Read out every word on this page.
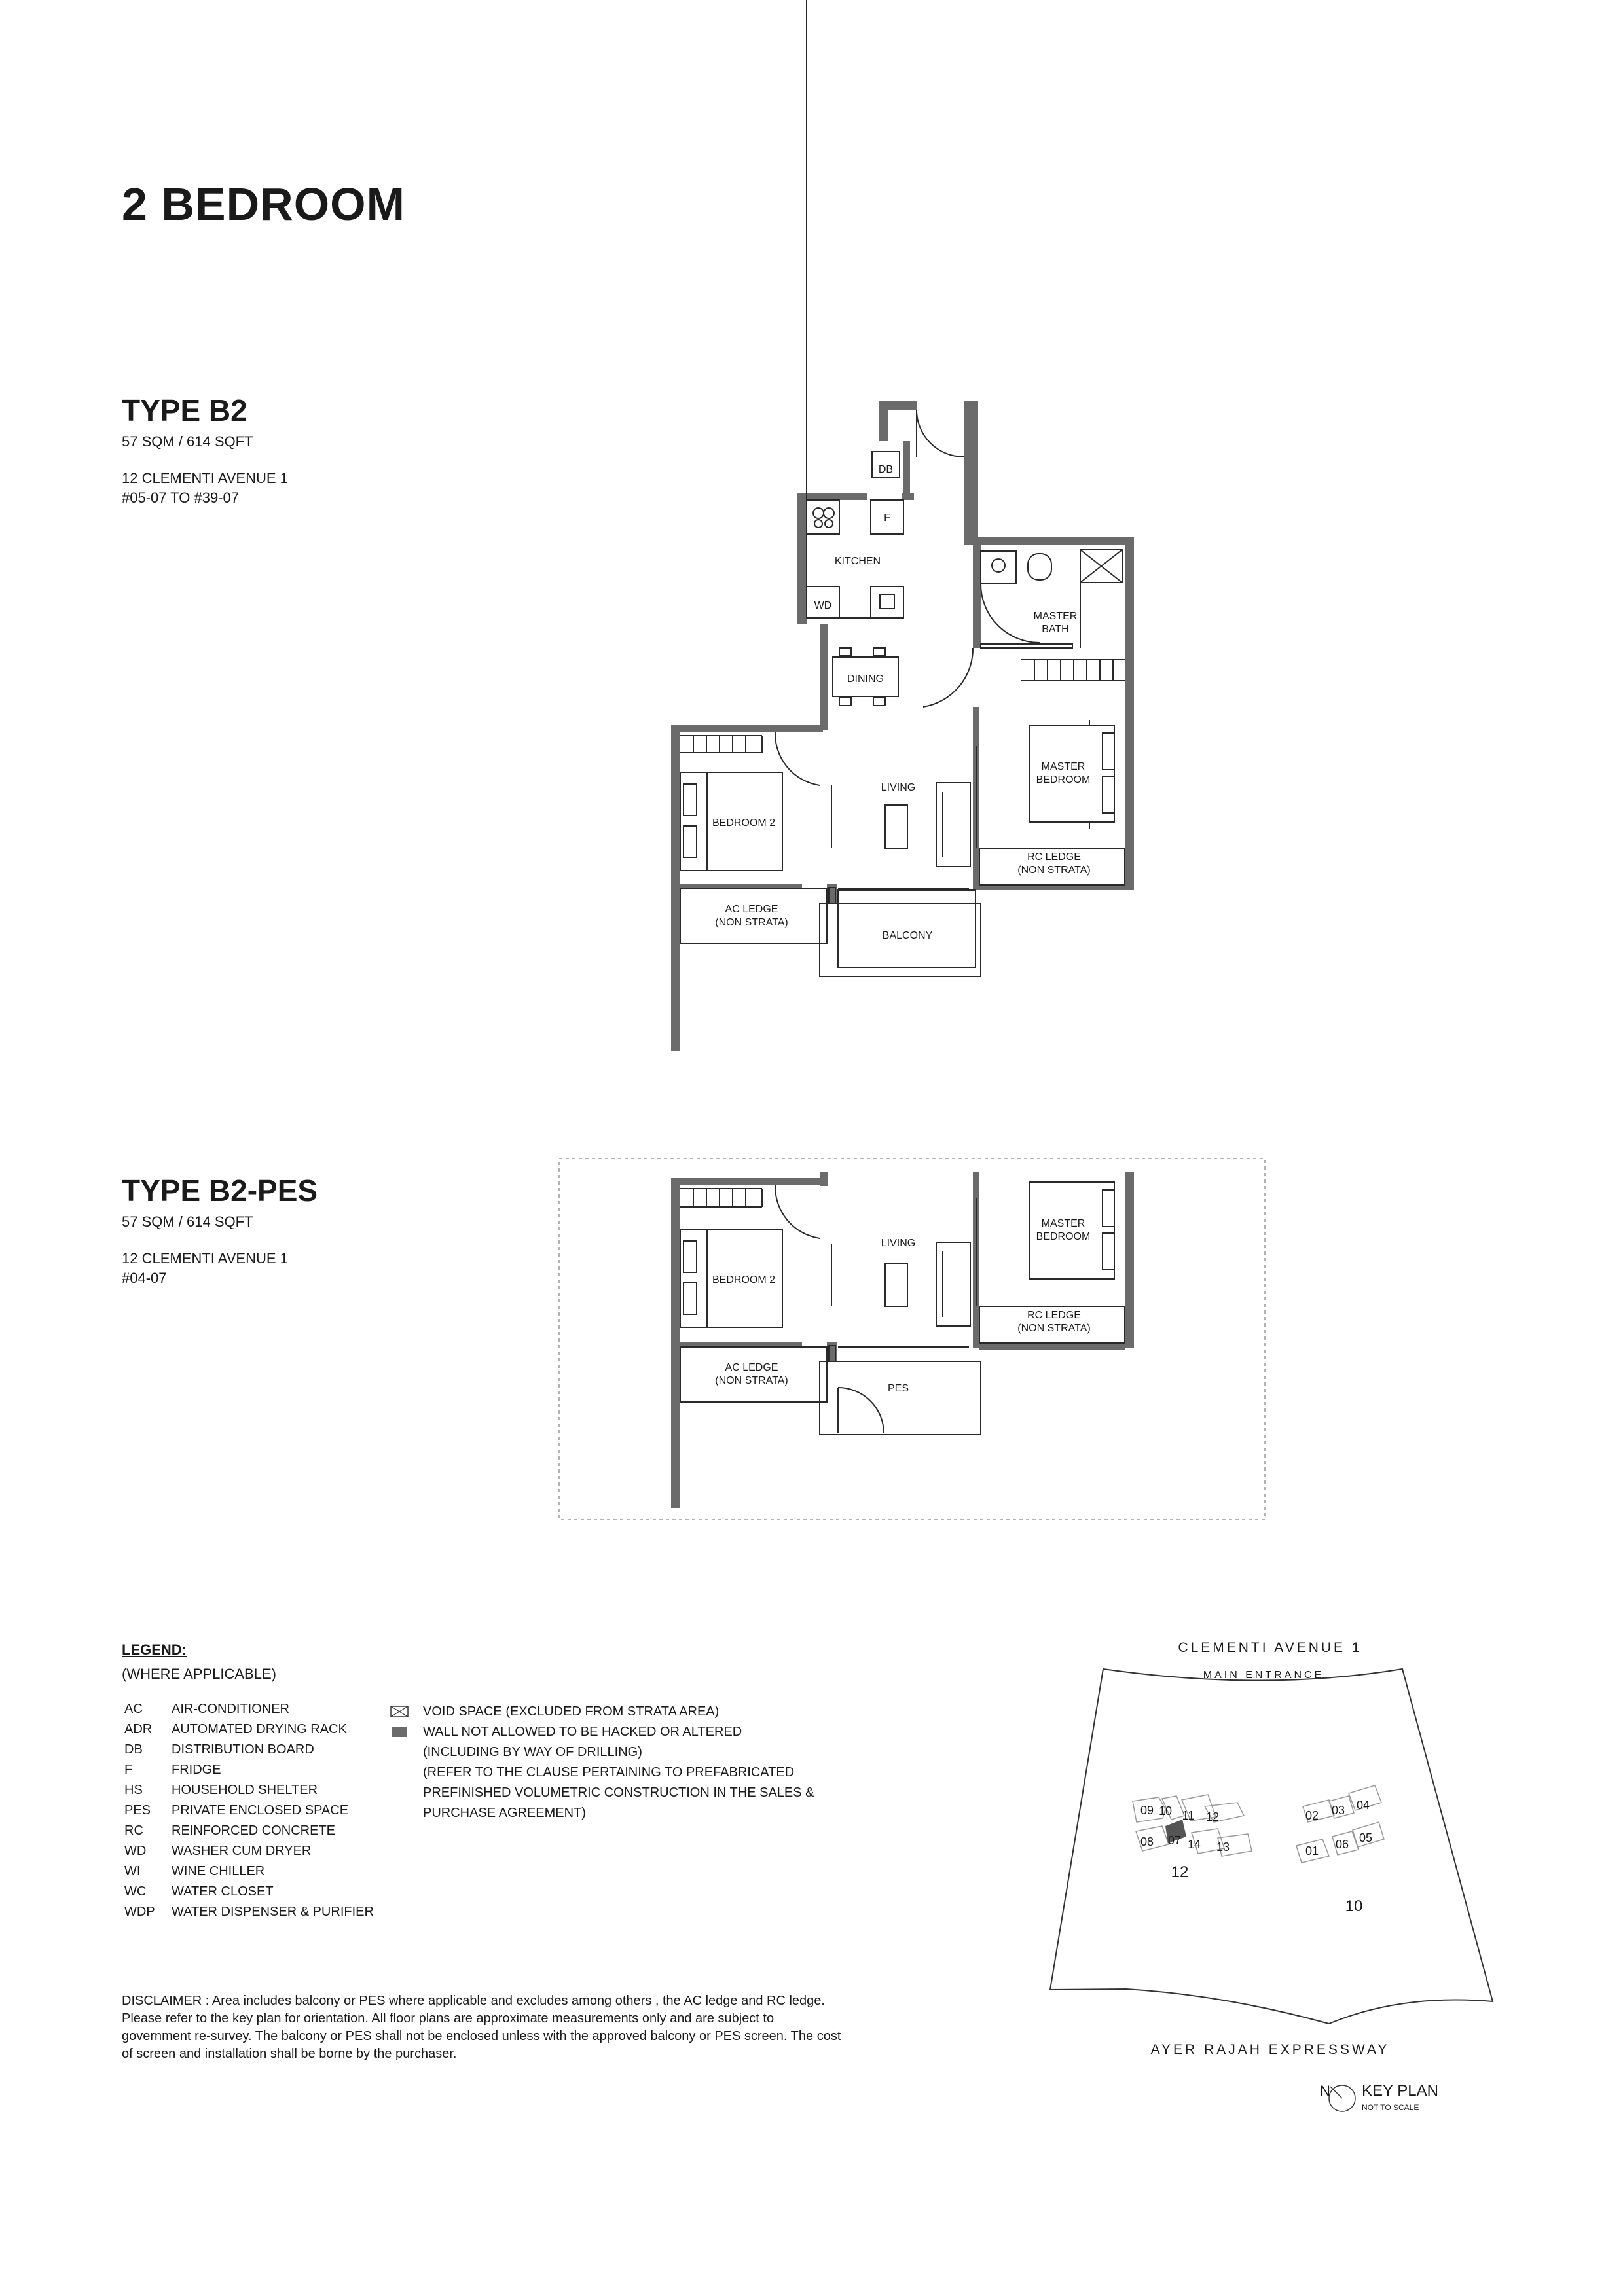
2 BEDROOM
TYPE B2
57 SQM / 614 SQFT
12 CLEMENTI AVENUE 1
#05-07 TO #39-07
TYPE B2-PES
57 SQM / 614 SQFT
12 CLEMENTI AVENUE 1
#04-07
DB
F
KITCHEN
WD
MASTER
BATH
DINING
LIVING
MASTER
BEDROOM
BEDROOM 2
RC LEDGE
(NON STRATA)
AC LEDGE
(NON STRATA)
BALCONY
LIVING
MASTER
BEDROOM
BEDROOM 2
RC LEDGE
(NON STRATA)
AC LEDGE
(NON STRATA)
PES
LEGEND:
(WHERE APPLICABLE)
AC AIR-CONDITIONER
ADR AUTOMATED DRYING RACK
DB DISTRIBUTION BOARD
F	FRIDGE
HS HOUSEHOLD SHELTER
PES PRIVATE ENCLOSED SPACE
RC REINFORCED CONCRETE
WD WASHER CUM DRYER
WI WINE CHILLER
WC WATER CLOSET
WDP WATER DISPENSER & PURIFIER
VOID SPACE (EXCLUDED FROM STRATA AREA)
WALL NOT ALLOWED TO BE HACKED OR ALTERED
(INCLUDING BY WAY OF DRILLING)
(REFER TO THE CLAUSE PERTAINING TO PREFABRICATED
PREFINISHED VOLUMETRIC CONSTRUCTION IN THE SALES &
PURCHASE AGREEMENT)
DISCLAIMER : Area includes balcony or PES where applicable and excludes among others , the AC ledge and RC ledge. Please refer to the key plan for orientation. All floor plans are approximate measurements only and are subject to government re-survey. The balcony or PES shall not be enclosed unless with the approved balcony or PES screen. The cost of screen and installation shall be borne by the purchaser.
CLEMENTI AVENUE 1
MAIN ENTRANCE
09 10 11 12
08 07 14 13
12
02 03 04
01 06 05
10
AYER RAJAH EXPRESSWAY
N KEY PLAN
NOT TO SCALE
